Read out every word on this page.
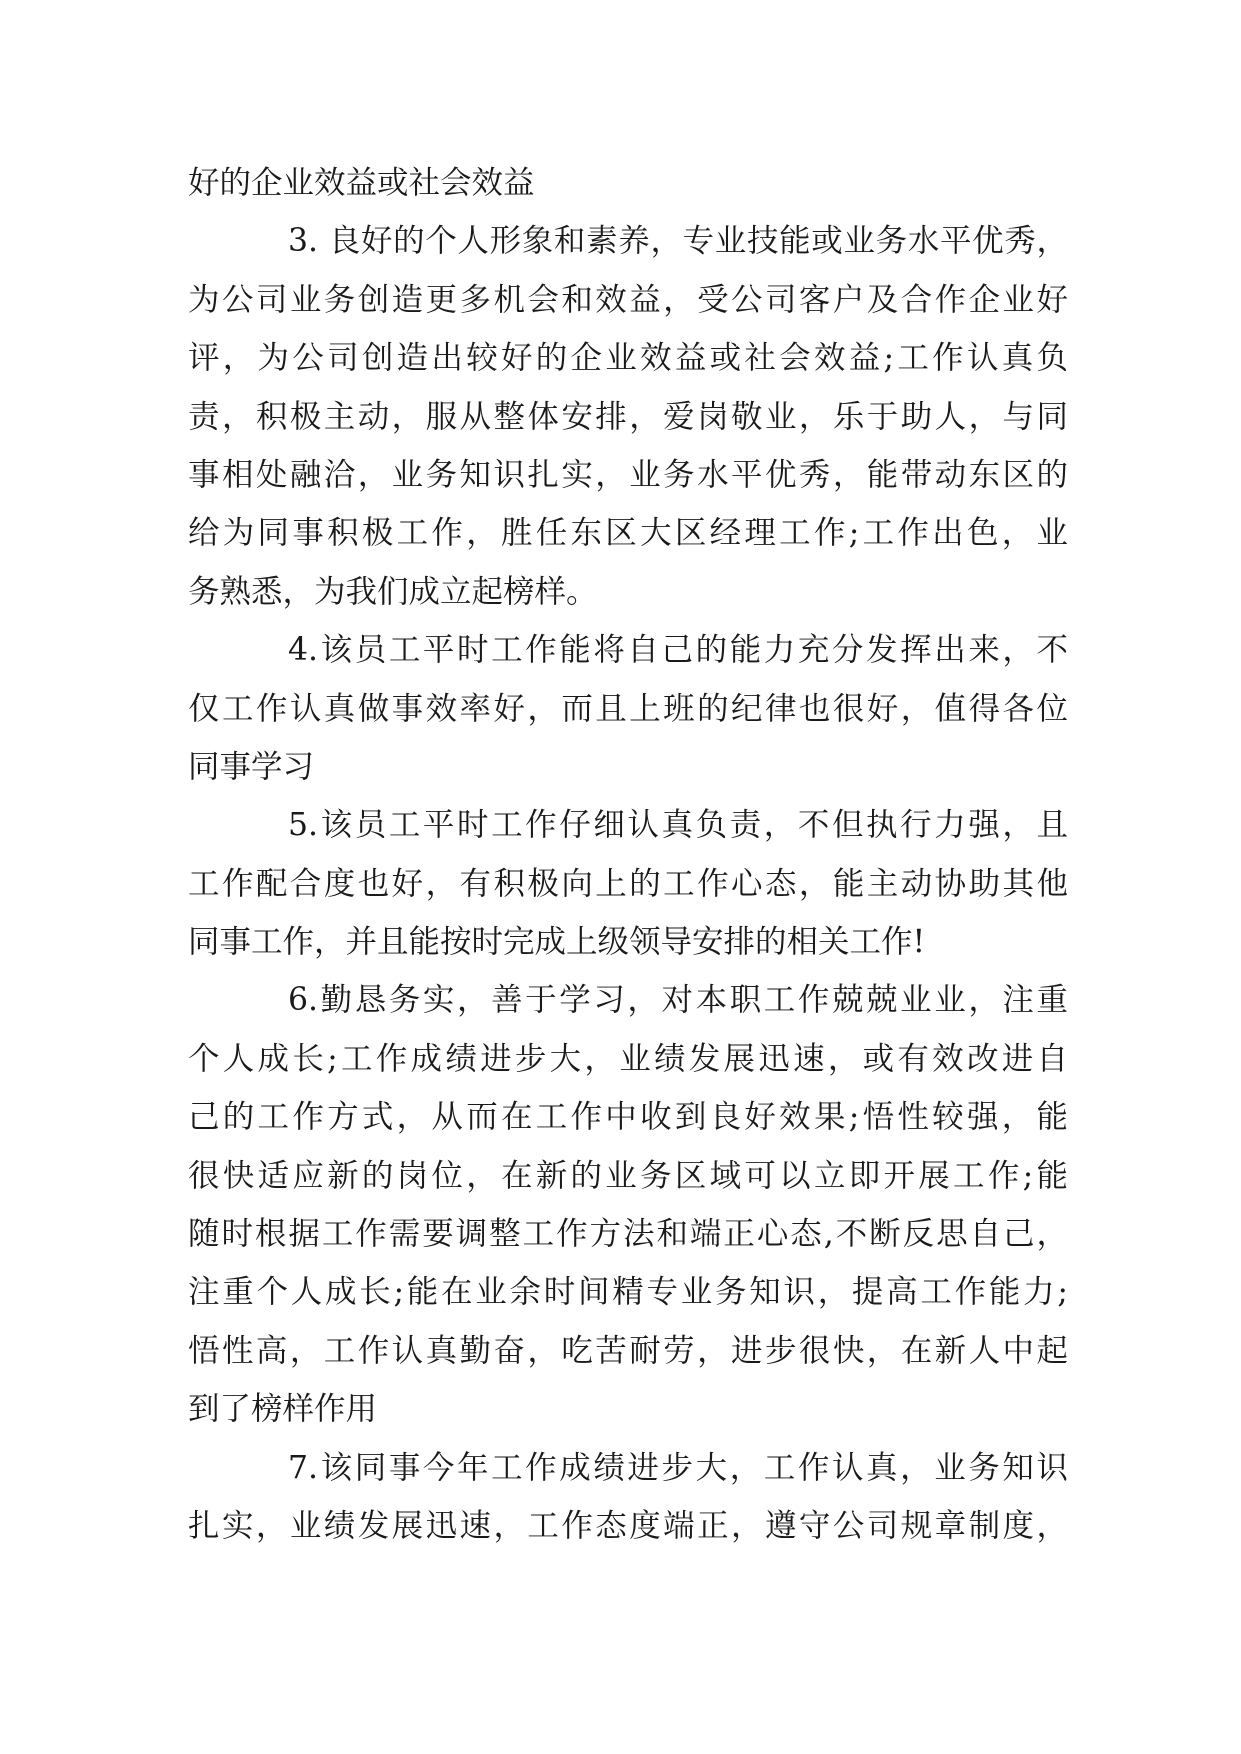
好的企业效益或社会效益
3. 良好的个人形象和素养，专业技能或业务水平优秀，
为公司业务创造更多机会和效益，受公司客户及合作企业好
评，为公司创造出较好的企业效益或社会效益;工作认真负
责，积极主动，服从整体安排，爱岗敬业，乐于助人，与同
事相处融洽，业务知识扎实，业务水平优秀，能带动东区的
给为同事积极工作，胜任东区大区经理工作;工作出色，业
务熟悉，为我们成立起榜样。
4.该员工平时工作能将自己的能力充分发挥出来，不
仅工作认真做事效率好，而且上班的纪律也很好，值得各位
同事学习
5.该员工平时工作仔细认真负责，不但执行力强，且
工作配合度也好，有积极向上的工作心态，能主动协助其他
同事工作，并且能按时完成上级领导安排的相关工作!
6.勤恳务实，善于学习，对本职工作兢兢业业，注重
个人成长;工作成绩进步大，业绩发展迅速，或有效改进自
己的工作方式，从而在工作中收到良好效果;悟性较强，能
很快适应新的岗位，在新的业务区域可以立即开展工作;能
随时根据工作需要调整工作方法和端正心态,不断反思自己，
注重个人成长;能在业余时间精专业务知识，提高工作能力;
悟性高，工作认真勤奋，吃苦耐劳，进步很快，在新人中起
到了榜样作用
7.该同事今年工作成绩进步大，工作认真，业务知识
扎实，业绩发展迅速，工作态度端正，遵守公司规章制度，
